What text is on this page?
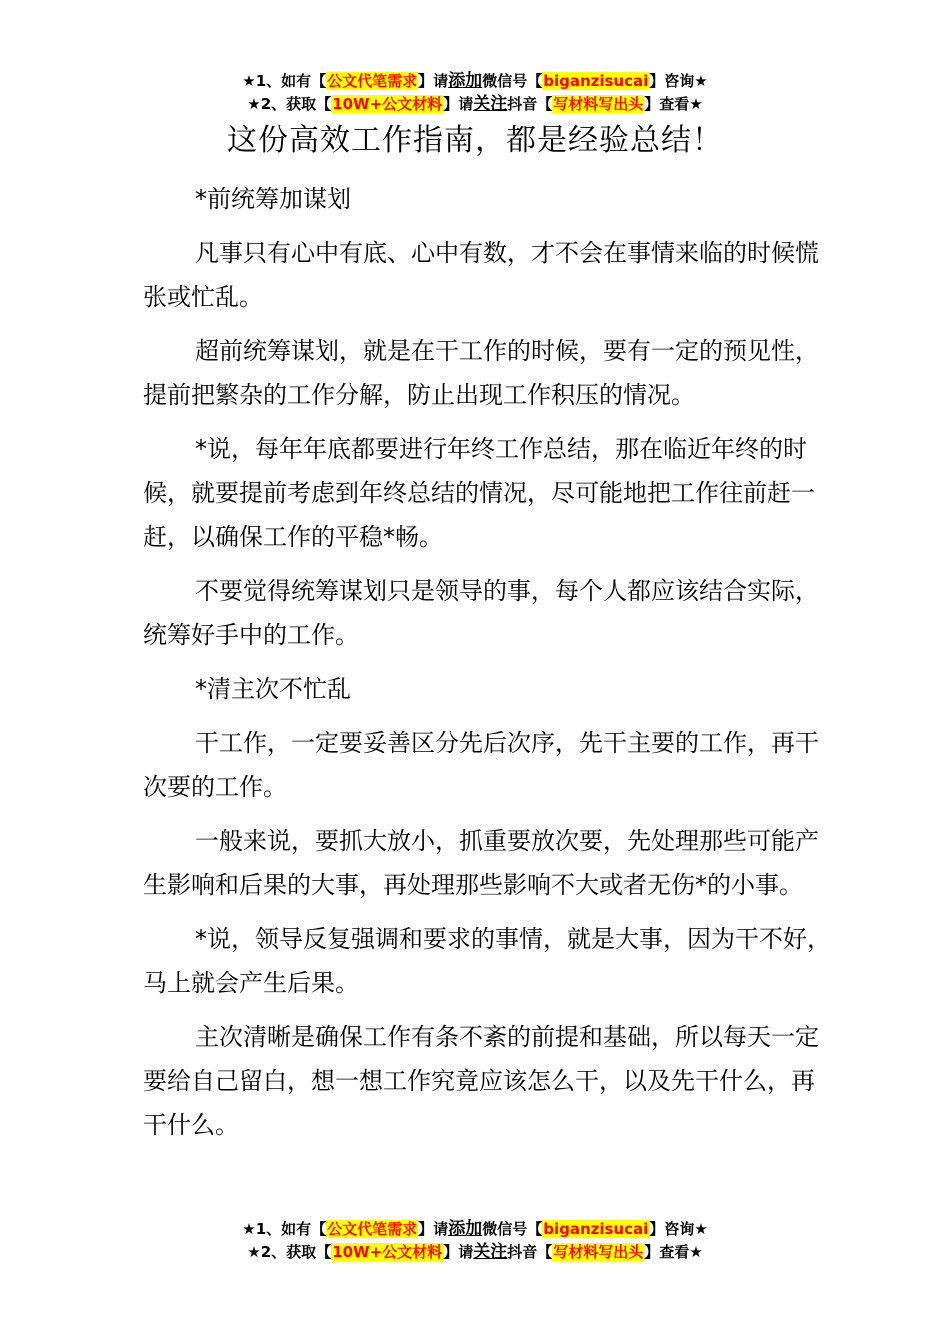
★1、如有【公文代笔需求】请添加微信号【biganzisucai】咨询★
★2、获取【10W+公文材料】请关注抖音【写材料写出头】查看★
这份高效工作指南，都是经验总结！

*前统筹加谋划

凡事只有心中有底、心中有数，才不会在事情来临的时候慌张或忙乱。

超前统筹谋划，就是在干工作的时候，要有一定的预见性，提前把繁杂的工作分解，防止出现工作积压的情况。

*说，每年年底都要进行年终工作总结，那在临近年终的时候，就要提前考虑到年终总结的情况，尽可能地把工作往前赶一赶，以确保工作的平稳*畅。

不要觉得统筹谋划只是领导的事，每个人都应该结合实际，统筹好手中的工作。

*清主次不忙乱

干工作，一定要妥善区分先后次序，先干主要的工作，再干次要的工作。

一般来说，要抓大放小，抓重要放次要，先处理那些可能产生影响和后果的大事，再处理那些影响不大或者无伤*的小事。

*说，领导反复强调和要求的事情，就是大事，因为干不好，马上就会产生后果。

主次清晰是确保工作有条不紊的前提和基础，所以每天一定要给自己留白，想一想工作究竟应该怎么干，以及先干什么，再干什么。

★1、如有【公文代笔需求】请添加微信号【biganzisucai】咨询★
★2、获取【10W+公文材料】请关注抖音【写材料写出头】查看★
